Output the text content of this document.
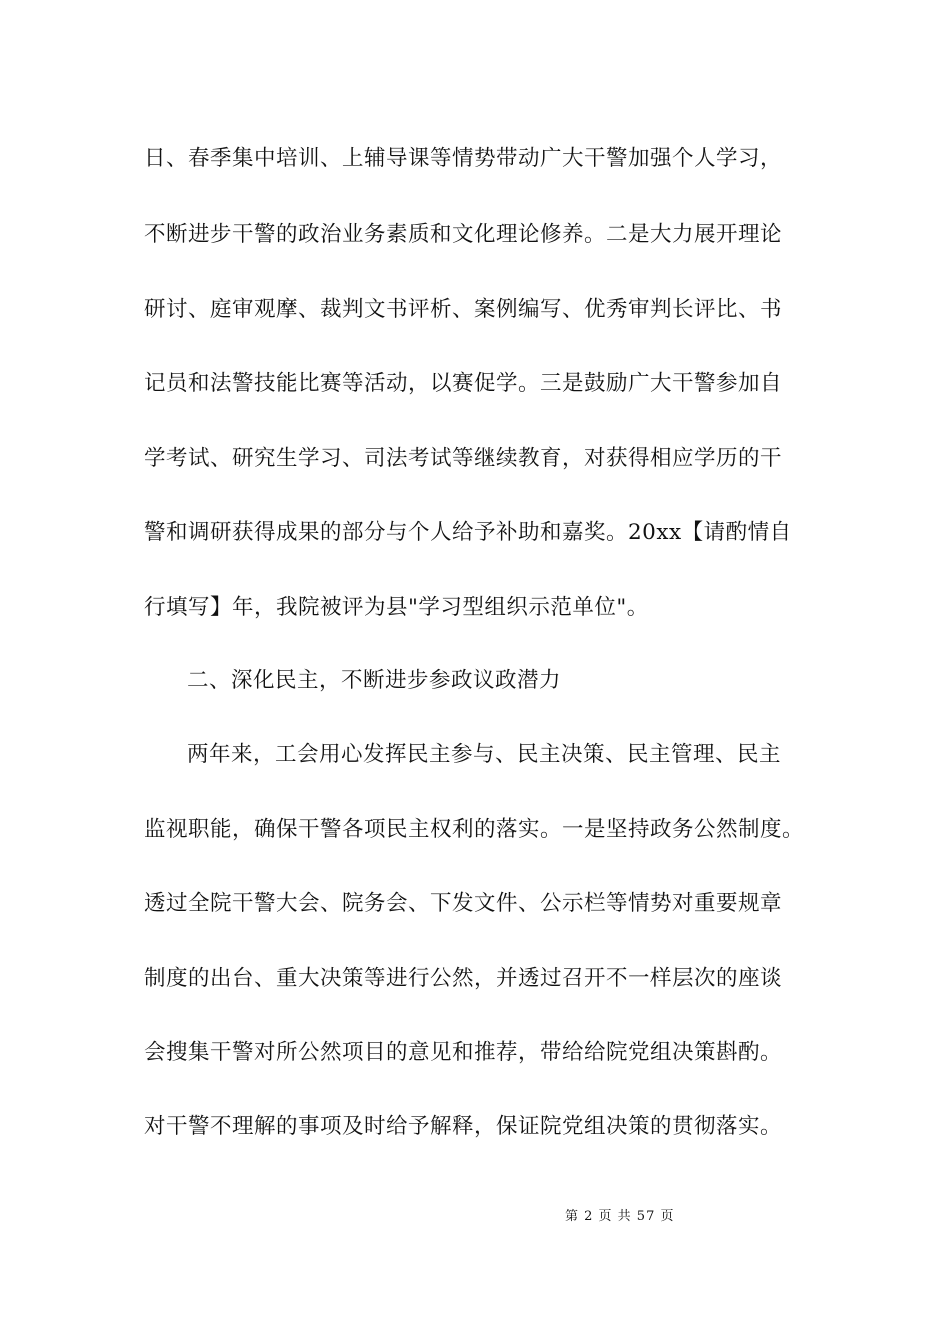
日、春季集中培训、上辅导课等情势带动广大干警加强个人学习，
不断进步干警的政治业务素质和文化理论修养。二是大力展开理论
研讨、庭审观摩、裁判文书评析、案例编写、优秀审判长评比、书
记员和法警技能比赛等活动，以赛促学。三是鼓励广大干警参加自
学考试、研究生学习、司法考试等继续教育，对获得相应学历的干
警和调研获得成果的部分与个人给予补助和嘉奖。20xx【请酌情自
行填写】年，我院被评为县"学习型组织示范单位"。
二、深化民主，不断进步参政议政潜力
两年来，工会用心发挥民主参与、民主决策、民主管理、民主
监视职能，确保干警各项民主权利的落实。一是坚持政务公然制度。
透过全院干警大会、院务会、下发文件、公示栏等情势对重要规章
制度的出台、重大决策等进行公然，并透过召开不一样层次的座谈
会搜集干警对所公然项目的意见和推荐，带给给院党组决策斟酌。
对干警不理解的事项及时给予解释，保证院党组决策的贯彻落实。
第 2 页 共 57 页
